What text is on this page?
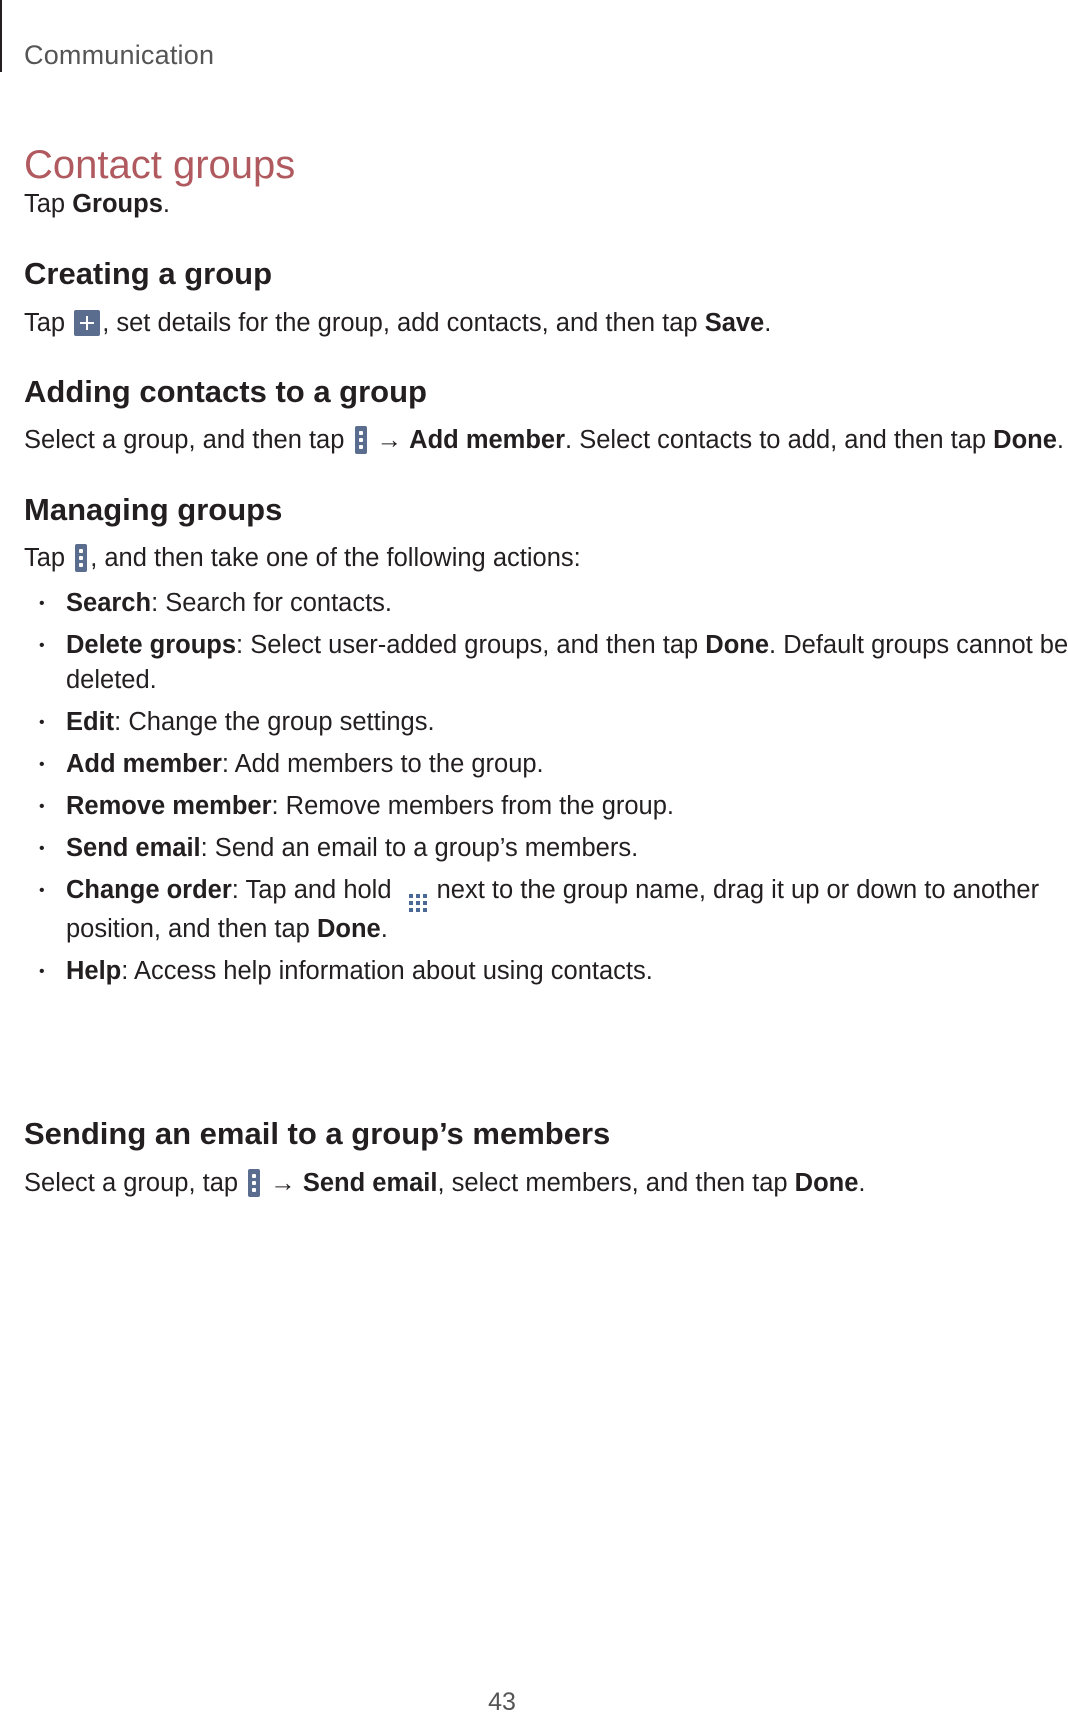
Communication
Contact groups

Tap Groups.

Creating a group

Tap , set details for the group, add contacts, and then tap Save.

Adding contacts to a group

Select a group, and then tap
→ Add member. Select contacts to add, and then tap Done.

Managing groups

Tap
, and then take one of the following actions:

• Search: Search for contacts.
• Delete groups: Select user-added groups, and then tap Done. Default groups cannot be
deleted.
• Edit: Change the group settings.
• Add member: Add members to the group.
• Remove member: Remove members from the group.
• Send email: Send an email to a group’s members.
• Change order: Tap and hold
next to the group name, drag it up or down to another
position, and then tap Done.
• Help: Access help information about using contacts.
Sending an email to a group’s members

Select a group, tap
→ Send email, select members, and then tap Done.

43
